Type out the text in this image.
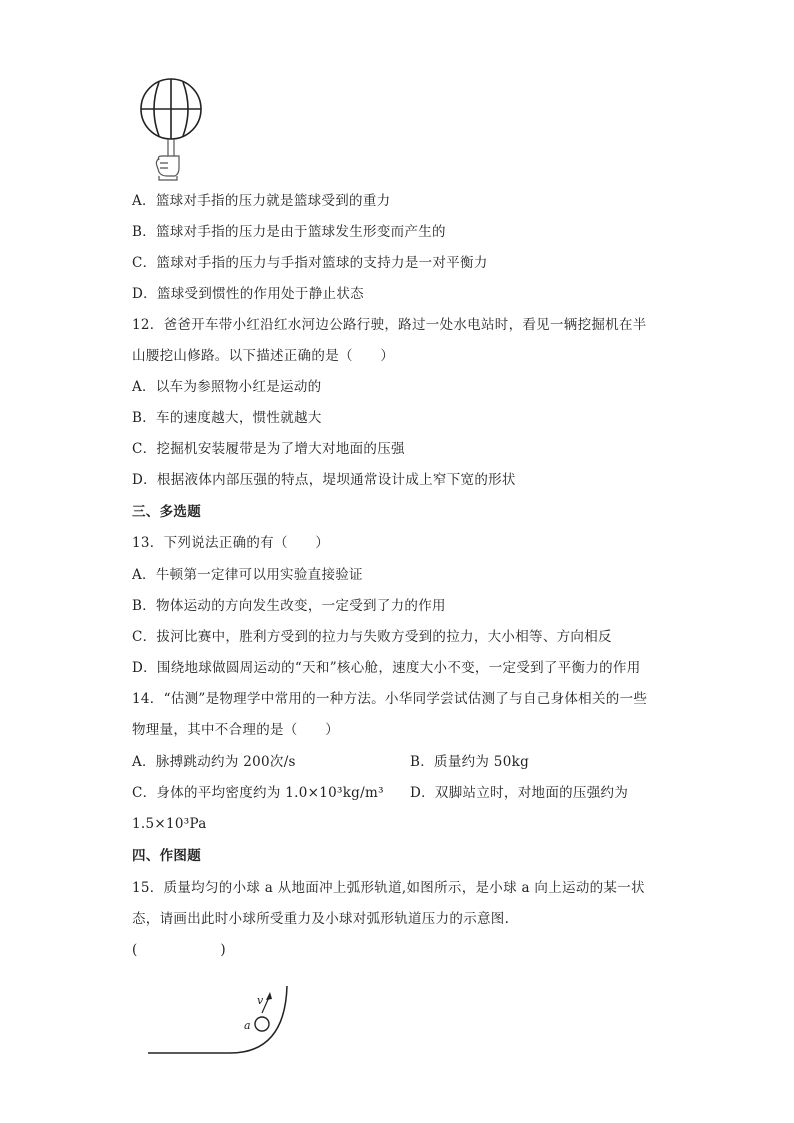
A．篮球对手指的压力就是篮球受到的重力
B．篮球对手指的压力是由于篮球发生形变而产生的
C．篮球对手指的压力与手指对篮球的支持力是一对平衡力
D．篮球受到惯性的作用处于静止状态
12．爸爸开车带小红沿红水河边公路行驶，路过一处水电站时，看见一辆挖掘机在半
山腰挖山修路。以下描述正确的是（　　）
A．以车为参照物小红是运动的
B．车的速度越大，惯性就越大
C．挖掘机安装履带是为了增大对地面的压强
D．根据液体内部压强的特点，堤坝通常设计成上窄下宽的形状
三、多选题
13．下列说法正确的有（　　）
A．牛顿第一定律可以用实验直接验证
B．物体运动的方向发生改变，一定受到了力的作用
C．拔河比赛中，胜利方受到的拉力与失败方受到的拉力，大小相等、方向相反
D．围绕地球做圆周运动的“天和”核心舱，速度大小不变，一定受到了平衡力的作用
14．“估测”是物理学中常用的一种方法。小华同学尝试估测了与自己身体相关的一些
物理量，其中不合理的是（　　）
A．脉搏跳动约为 200次/s	B．质量约为 50kg
C．身体的平均密度约为 1.0×10³kg/m³ D．双脚站立时，对地面的压强约为
1.5×10³Pa
四、作图题
15．质量均匀的小球 a 从地面冲上弧形轨道,如图所示，是小球 a 向上运动的某一状
态，请画出此时小球所受重力及小球对弧形轨道压力的示意图.
(　　　　　　)
v
a
